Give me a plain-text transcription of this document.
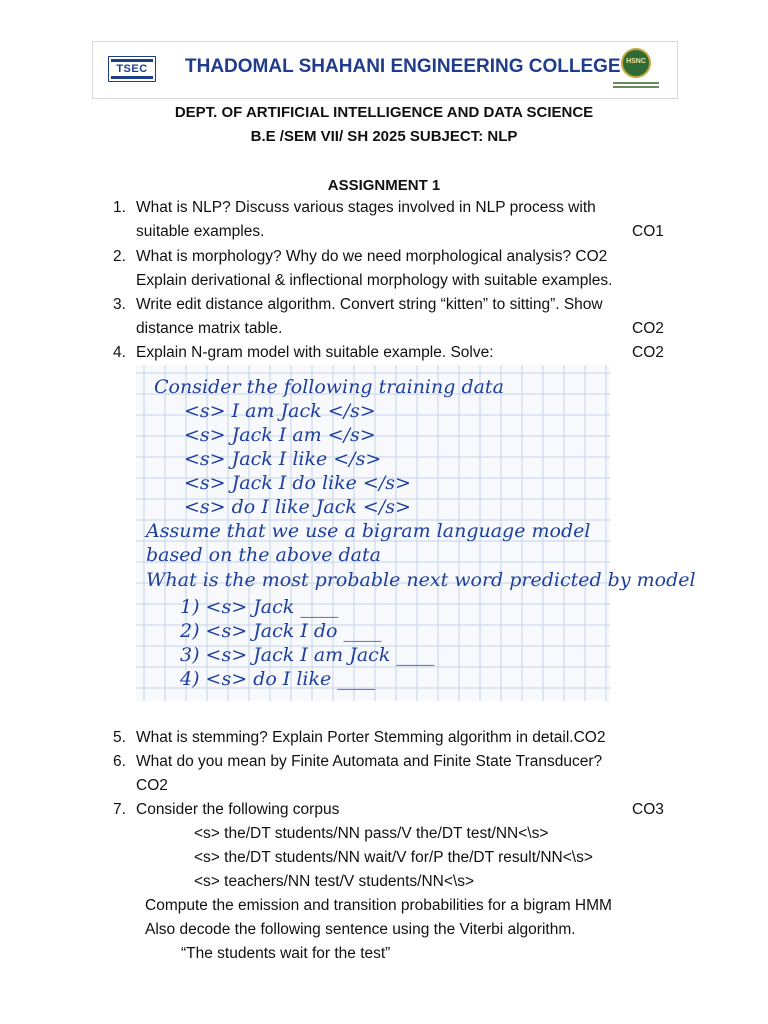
TSEC	THADOMAL SHAHANI ENGINEERING COLLEGE HSNC
DEPT. OF ARTIFICIAL INTELLIGENCE AND DATA SCIENCE
B.E /SEM VII/ SH 2025 SUBJECT: NLP
ASSIGNMENT 1
1. What is NLP? Discuss various stages involved in NLP process with
suitable examples.	CO1
2. What is morphology? Why do we need morphological analysis? CO2
Explain derivational & inflectional morphology with suitable examples.
3. Write edit distance algorithm. Convert string “kitten” to sitting”. Show
distance matrix table.	CO2
4. Explain N-gram model with suitable example. Solve:	CO2
Consider the following training data
<s> I am Jack </s>
<s> Jack I am </s>
<s> Jack I like </s>
<s> Jack I do like </s>
<s> do I like Jack </s>
Assume that we use a bigram language model
based on the above data
What is the most probable next word predicted by model
1) <s> Jack ____
2) <s> Jack I do ____
3) <s> Jack I am Jack ____
4) <s> do I like ____
5. What is stemming? Explain Porter Stemming algorithm in detail.CO2
6. What do you mean by Finite Automata and Finite State Transducer?
CO2
7. Consider the following corpus	CO3
<s> the/DT students/NN pass/V the/DT test/NN<\s>
<s> the/DT students/NN wait/V for/P the/DT result/NN<\s>
<s> teachers/NN test/V students/NN<\s>
Compute the emission and transition probabilities for a bigram HMM
Also decode the following sentence using the Viterbi algorithm.
“The students wait for the test”
